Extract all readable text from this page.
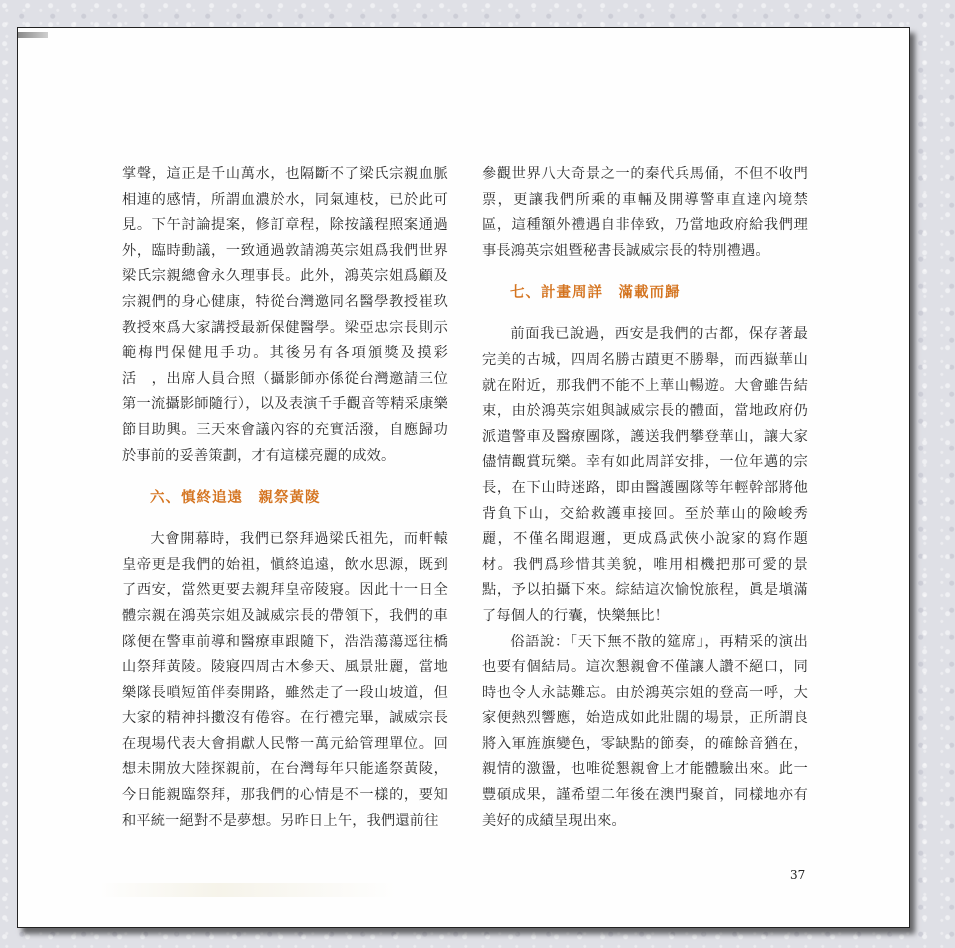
掌聲，這正是千山萬水，也隔斷不了梁氏宗親血脈相連的感情，所謂血濃於水，同氣連枝，已於此可見。下午討論提案，修訂章程，除按議程照案通過外，臨時動議，一致通過敦請鴻英宗姐爲我們世界梁氏宗親總會永久理事長。此外，鴻英宗姐爲顧及宗親們的身心健康，特從台灣邀同名醫學教授崔玖教授來爲大家講授最新保健醫學。梁亞忠宗長則示範梅門保健甩手功。其後另有各項頒獎及摸彩活　，出席人員合照（攝影師亦係從台灣邀請三位第一流攝影師隨行），以及表演千手觀音等精采康樂節目助興。三天來會議內容的充實活潑，自應歸功於事前的妥善策劃，才有這樣亮麗的成效。

六、慎終追遠　親祭黃陵

大會開幕時，我們已祭拜過梁氏祖先，而軒轅皇帝更是我們的始祖，愼終追遠，飲水思源，既到了西安，當然更要去親拜皇帝陵寢。因此十一日全體宗親在鴻英宗姐及誠威宗長的帶領下，我們的車隊便在警車前導和醫療車跟隨下，浩浩蕩蕩逕往橋山祭拜黃陵。陵寢四周古木參天、風景壯麗，當地樂隊長嗩短笛伴奏開路，雖然走了一段山坡道，但大家的精神抖擻沒有倦容。在行禮完畢，誠威宗長在現場代表大會捐獻人民幣一萬元給管理單位。回想未開放大陸探親前，在台灣每年只能遙祭黃陵，今日能親臨祭拜，那我們的心情是不一樣的，要知和平統一絕對不是夢想。另昨日上午，我們還前往

參觀世界八大奇景之一的秦代兵馬俑，不但不收門票，更讓我們所乘的車輛及開導警車直達內境禁區，這種額外禮遇自非倖致，乃當地政府給我們理事長鴻英宗姐暨秘書長誠威宗長的特別禮遇。

七、計畫周詳　滿載而歸

前面我已說過，西安是我們的古都，保存著最完美的古城，四周名勝古蹟更不勝舉，而西嶽華山就在附近，那我們不能不上華山暢遊。大會雖告結束，由於鴻英宗姐與誠威宗長的體面，當地政府仍派遣警車及醫療團隊，護送我們攀登華山，讓大家儘情觀賞玩樂。幸有如此周詳安排，一位年邁的宗長，在下山時迷路，即由醫護團隊等年輕幹部將他背負下山，交給救護車接回。至於華山的險峻秀麗，不僅名聞遐邇，更成爲武俠小說家的寫作題材。我們爲珍惜其美貌，唯用相機把那可愛的景點，予以拍攝下來。綜結這次愉悅旅程，眞是塡滿了每個人的行囊，快樂無比！

俗語說：「天下無不散的筵席」，再精采的演出也要有個結局。這次懇親會不僅讓人讚不絕口，同時也令人永誌難忘。由於鴻英宗姐的登高一呼，大家便熱烈響應，始造成如此壯闊的場景，正所謂良將入軍旌旗變色，零缺點的節奏，的確餘音猶在，親情的激盪，也唯從懇親會上才能體驗出來。此一豐碩成果，謹希望二年後在澳門聚首，同樣地亦有美好的成績呈現出來。

37
